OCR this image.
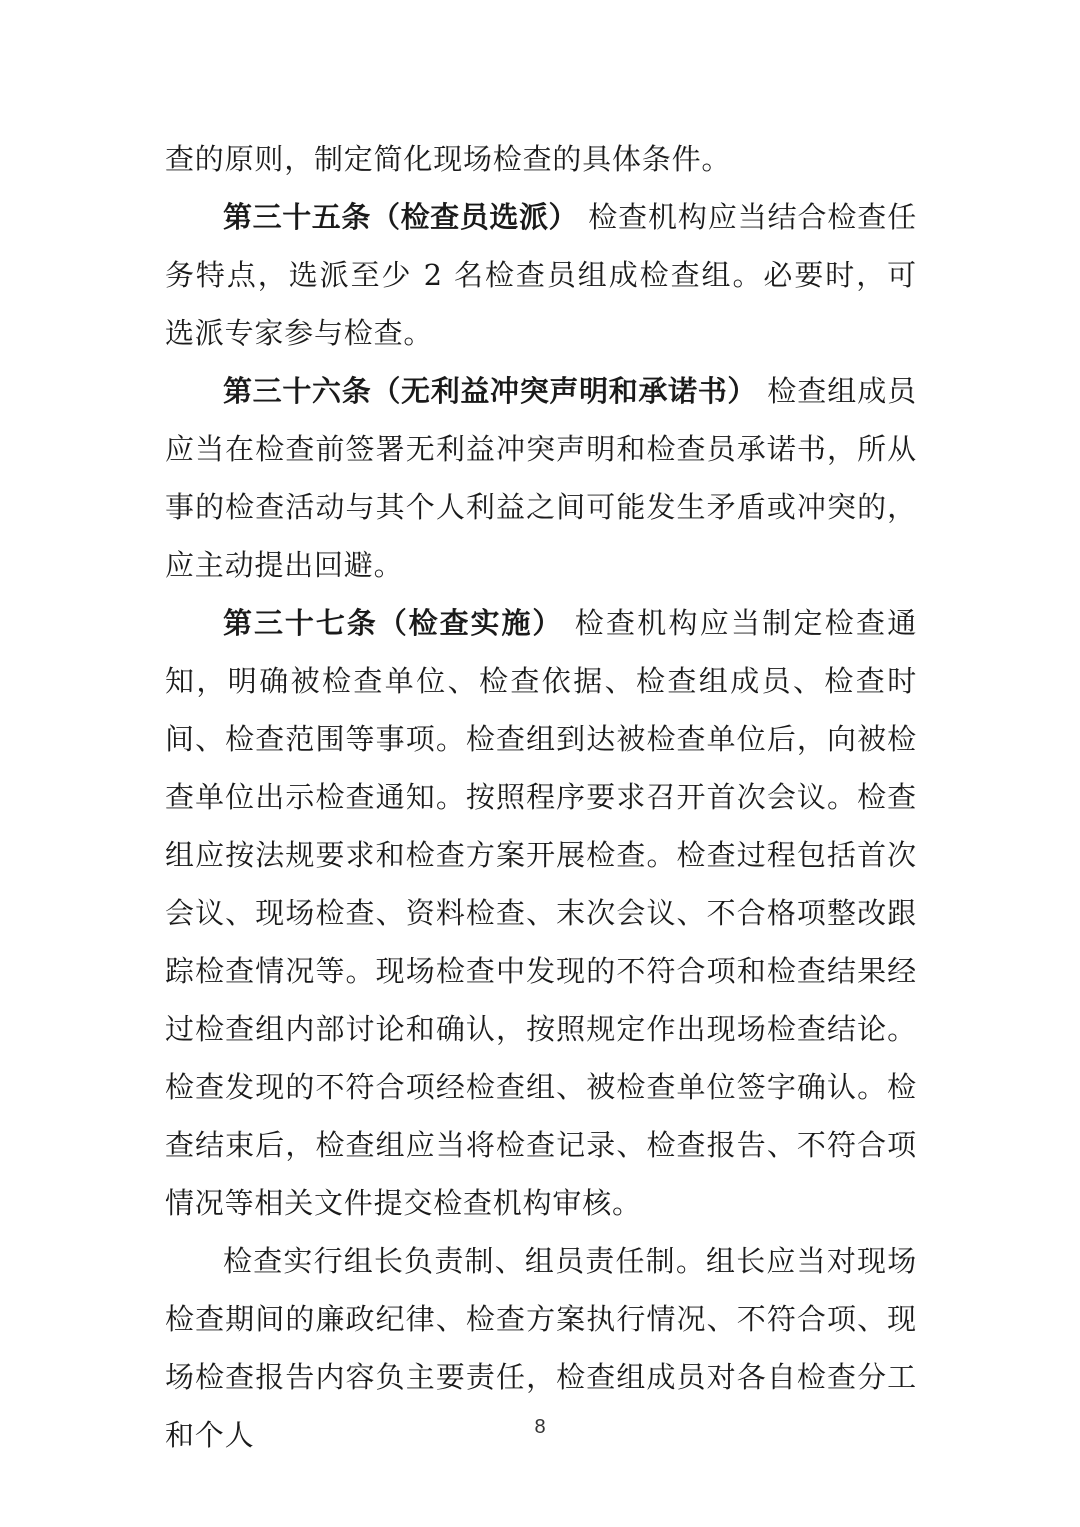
查的原则，制定简化现场检查的具体条件。

第三十五条（检查员选派） 检查机构应当结合检查任务特点，选派至少 2 名检查员组成检查组。必要时，可选派专家参与检查。

第三十六条（无利益冲突声明和承诺书） 检查组成员应当在检查前签署无利益冲突声明和检查员承诺书，所从事的检查活动与其个人利益之间可能发生矛盾或冲突的，应主动提出回避。

第三十七条（检查实施） 检查机构应当制定检查通知，明确被检查单位、检查依据、检查组成员、检查时间、检查范围等事项。检查组到达被检查单位后，向被检查单位出示检查通知。按照程序要求召开首次会议。检查组应按法规要求和检查方案开展检查。检查过程包括首次会议、现场检查、资料检查、末次会议、不合格项整改跟踪检查情况等。现场检查中发现的不符合项和检查结果经过检查组内部讨论和确认，按照规定作出现场检查结论。检查发现的不符合项经检查组、被检查单位签字确认。检查结束后，检查组应当将检查记录、检查报告、不符合项情况等相关文件提交检查机构审核。

检查实行组长负责制、组员责任制。组长应当对现场检查期间的廉政纪律、检查方案执行情况、不符合项、现场检查报告内容负主要责任，检查组成员对各自检查分工和个人	8
